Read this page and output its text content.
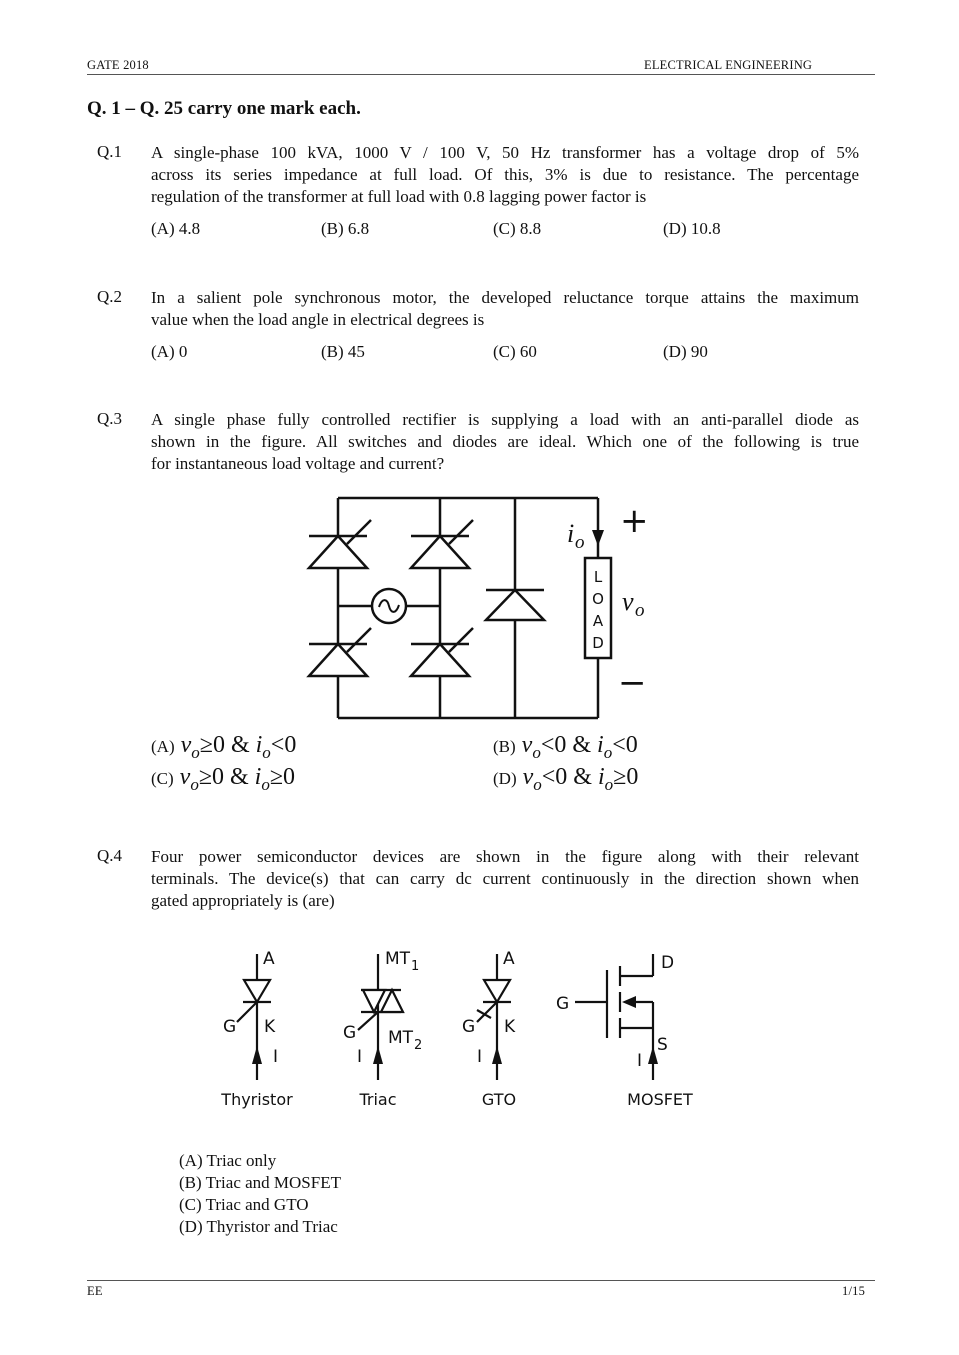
GATE 2018	ELECTRICAL ENGINEERING
Q. 1 – Q. 25 carry one mark each.
Q.1 A single-phase 100 kVA, 1000 V / 100 V, 50 Hz transformer has a voltage drop of 5%
across its series impedance at full load. Of this, 3% is due to resistance. The percentage
regulation of the transformer at full load with 0.8 lagging power factor is
(A) 4.8	(B) 6.8	(C) 8.8	(D) 10.8
Q.2 In a salient pole synchronous motor, the developed reluctance torque attains the maximum
value when the load angle in electrical degrees is
(A) 0	(B) 45	(C) 60	(D) 90
Q.3 A single phase fully controlled rectifier is supplying a load with an anti-parallel diode as
shown in the figure. All switches and diodes are ideal. Which one of the following is true
for instantaneous load voltage and current?
L
O
A
D
i o
v o
+
−
(A) $v_o\ge 0$ & $i_o<0$	(B) $v_o<0$ & $i_o<0$
(C) $v_o\ge 0$ & $i_o\ge 0$	(D) $v_o<0$ & $i_o\ge 0$
Q.4 Four power semiconductor devices are shown in the figure along with their relevant
terminals. The device(s) that can carry dc current continuously in the direction shown when
gated appropriately is (are)
A
G K
I
Thyristor
MT 1
G MT 2
I
Triac
A
G K
I
GTO
D
G
S
I
MOSFET
(A) Triac only
(B) Triac and MOSFET
(C) Triac and GTO
(D) Thyristor and Triac
EE	1/15
